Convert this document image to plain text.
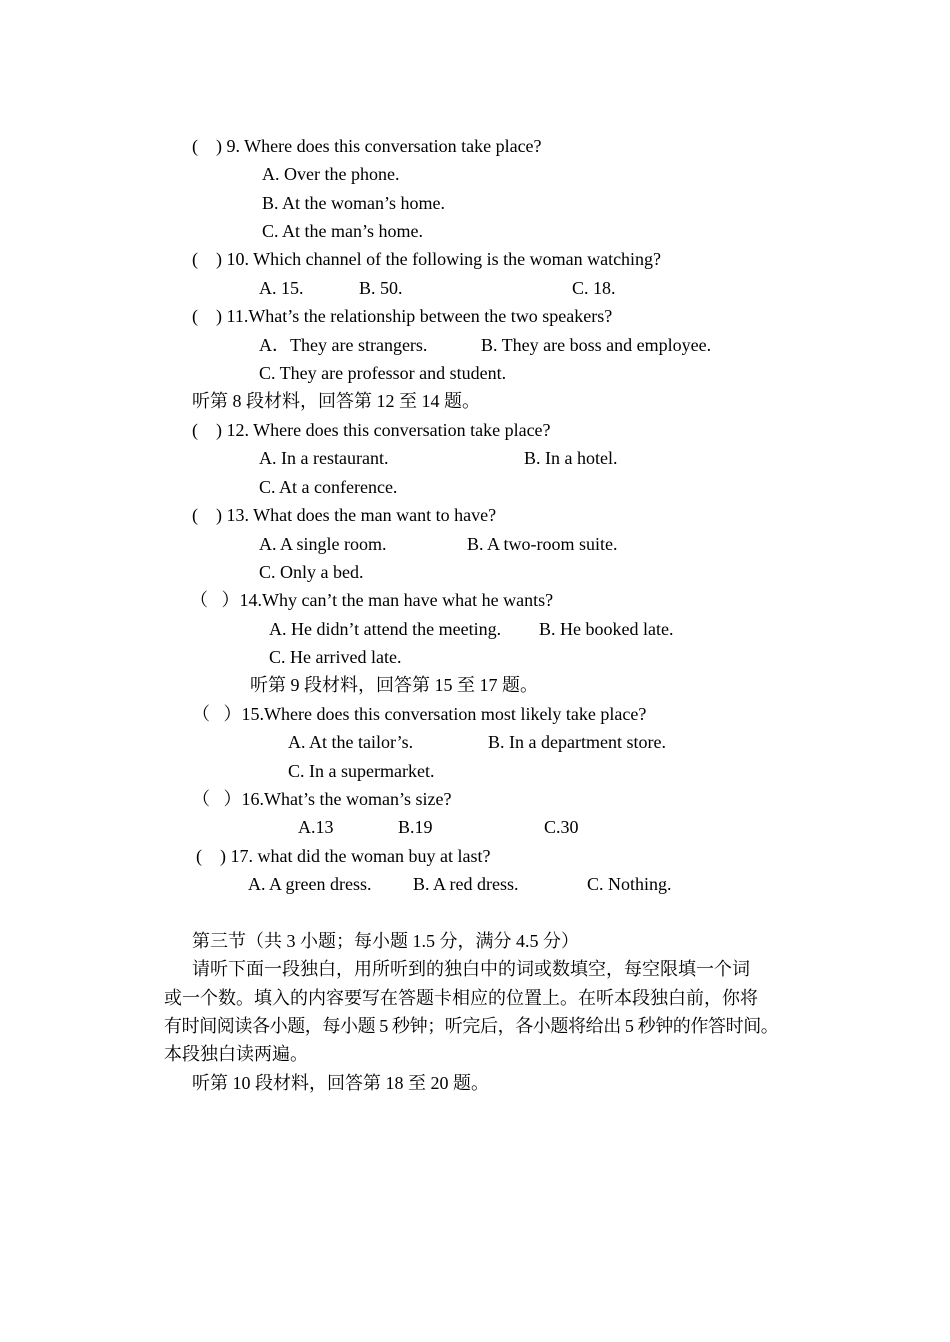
(    ) 9. Where does this conversation take place?
A. Over the phone.
B. At the woman’s home.
C. At the man’s home.
(    ) 10. Which channel of the following is the woman watching?
A. 15.	B. 50.	C. 18.
(    ) 11.What’s the relationship between the two speakers?
A．They are strangers.	B. They are boss and employee.
C. They are professor and student.
听第 8 段材料，回答第 12 至 14 题。
(    ) 12. Where does this conversation take place?
A. In a restaurant.	B. In a hotel.
C. At a conference.
(    ) 13. What does the man want to have?
A. A single room.	B. A two-room suite.
C. Only a bed.
（   ）14.Why can’t the man have what he wants?
A. He didn’t attend the meeting. B. He booked late.
C. He arrived late.
听第 9 段材料，回答第 15 至 17 题。
（   ）15.Where does this conversation most likely take place?
A. At the tailor’s.	B. In a department store.
C. In a supermarket.
（   ）16.What’s the woman’s size?
A.13	B.19	C.30
(    ) 17. what did the woman buy at last?
A. A green dress. B. A red dress.	C. Nothing.
第三节（共 3 小题；每小题 1.5 分，满分 4.5 分）
请听下面一段独白，用所听到的独白中的词或数填空，每空限填一个词
或一个数。填入的内容要写在答题卡相应的位置上。在听本段独白前，你将
有时间阅读各小题，每小题 5 秒钟；听完后，各小题将给出 5 秒钟的作答时间。
本段独白读两遍。
听第 10 段材料，回答第 18 至 20 题。
